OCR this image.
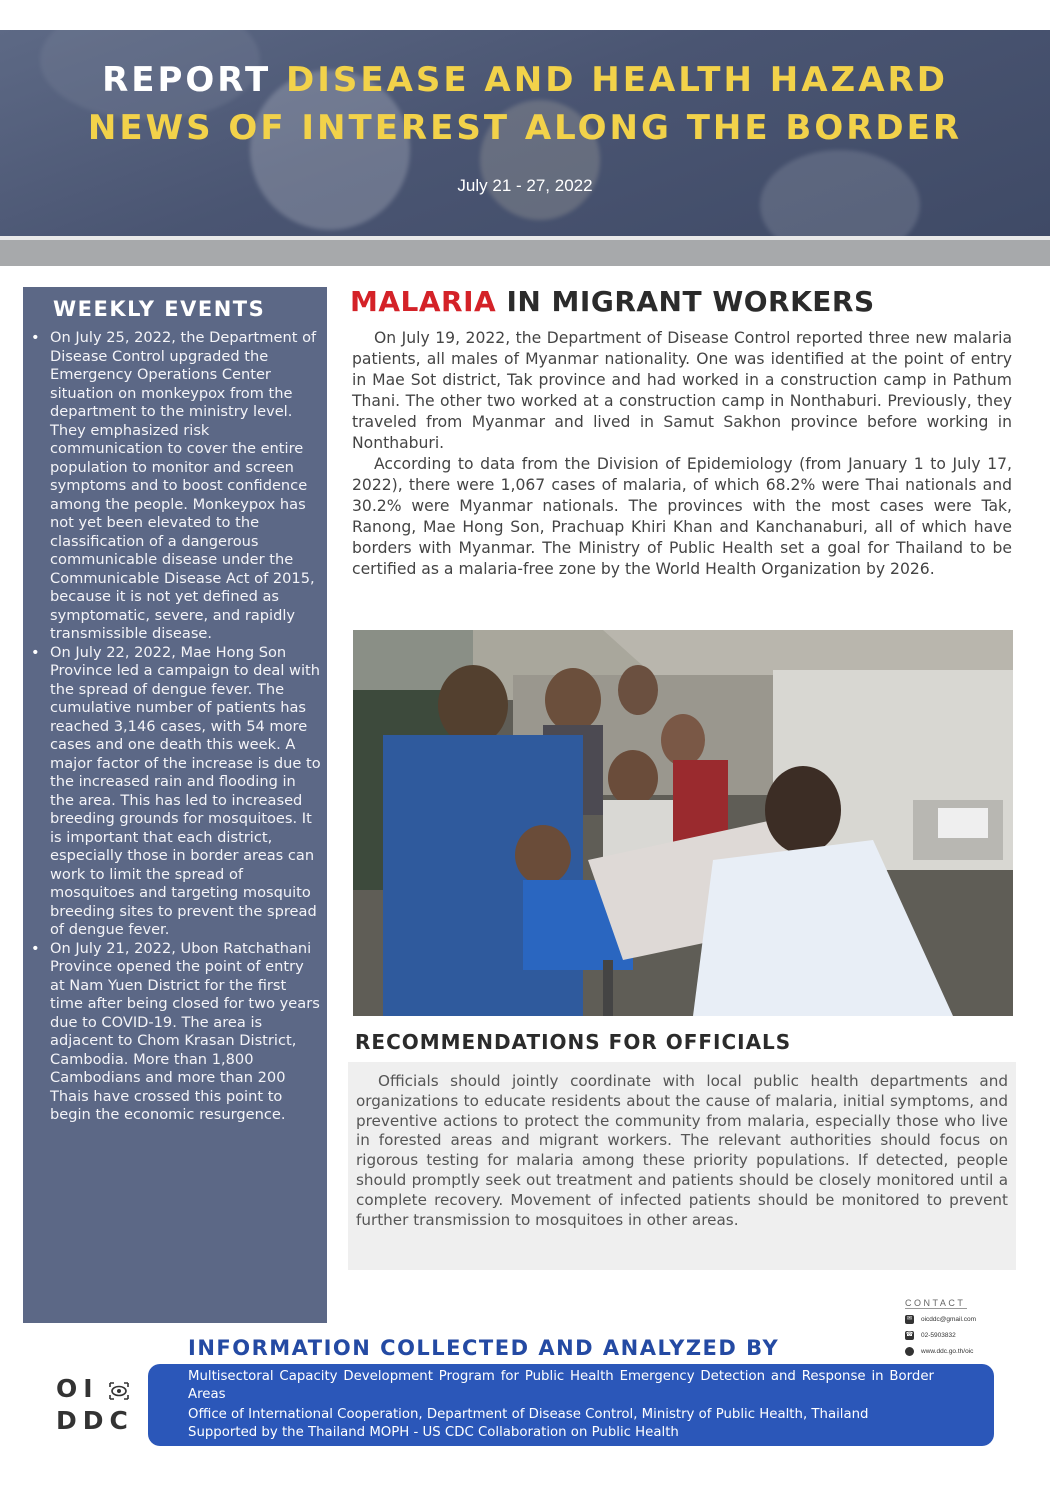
REPORT DISEASE AND HEALTH HAZARD
NEWS OF INTEREST ALONG THE BORDER
July 21 - 27, 2022
WEEKLY EVENTS
• On July 25, 2022, the Department of Disease Control upgraded the Emergency Operations Center situation on monkeypox from the department to the ministry level. They emphasized risk communication to cover the entire population to monitor and screen symptoms and to boost confidence among the people. Monkeypox has not yet been elevated to the classification of a dangerous communicable disease under the Communicable Disease Act of 2015, because it is not yet defined as symptomatic, severe, and rapidly transmissible disease.
• On July 22, 2022, Mae Hong Son Province led a campaign to deal with the spread of dengue fever. The cumulative number of patients has reached 3,146 cases, with 54 more cases and one death this week. A major factor of the increase is due to the increased rain and flooding in the area. This has led to increased breeding grounds for mosquitoes. It is important that each district, especially those in border areas can work to limit the spread of mosquitoes and targeting mosquito breeding sites to prevent the spread of dengue fever.
• On July 21, 2022, Ubon Ratchathani Province opened the point of entry at Nam Yuen District for the first time after being closed for two years due to COVID-19. The area is adjacent to Chom Krasan District, Cambodia. More than 1,800 Cambodians and more than 200 Thais have crossed this point to begin the economic resurgence.
MALARIA IN MIGRANT WORKERS

On July 19, 2022, the Department of Disease Control reported three new malaria patients, all males of Myanmar nationality. One was identified at the point of entry in Mae Sot district, Tak province and had worked in a construction camp in Pathum Thani. The other two worked at a construction camp in Nonthaburi. Previously, they traveled from Myanmar and lived in Samut Sakhon province before working in Nonthaburi.

According to data from the Division of Epidemiology (from January 1 to July 17, 2022), there were 1,067 cases of malaria, of which 68.2% were Thai nationals and 30.2% were Myanmar nationals. The provinces with the most cases were Tak, Ranong, Mae Hong Son, Prachuap Khiri Khan and Kanchanaburi, all of which have borders with Myanmar. The Ministry of Public Health set a goal for Thailand to be certified as a malaria-free zone by the World Health Organization by 2026.

RECOMMENDATIONS FOR OFFICIALS

Officials should jointly coordinate with local public health departments and organizations to educate residents about the cause of malaria, initial symptoms, and preventive actions to protect the community from malaria, especially those who live in forested areas and migrant workers. The relevant authorities should focus on rigorous testing for malaria among these priority populations. If detected, people should promptly seek out treatment and patients should be closely monitored until a complete recovery. Movement of infected patients should be monitored to prevent further transmission to mosquitoes in other areas.

CONTACT
✉	oicddc@gmail.com
☎ 02-5903832
www.ddc.go.th/oic
INFORMATION COLLECTED AND ANALYZED BY
OI
DDC
Multisectoral Capacity Development Program for Public Health Emergency Detection and Response in Border Areas
Office of International Cooperation, Department of Disease Control, Ministry of Public Health, Thailand
Supported by the Thailand MOPH - US CDC Collaboration on Public Health
